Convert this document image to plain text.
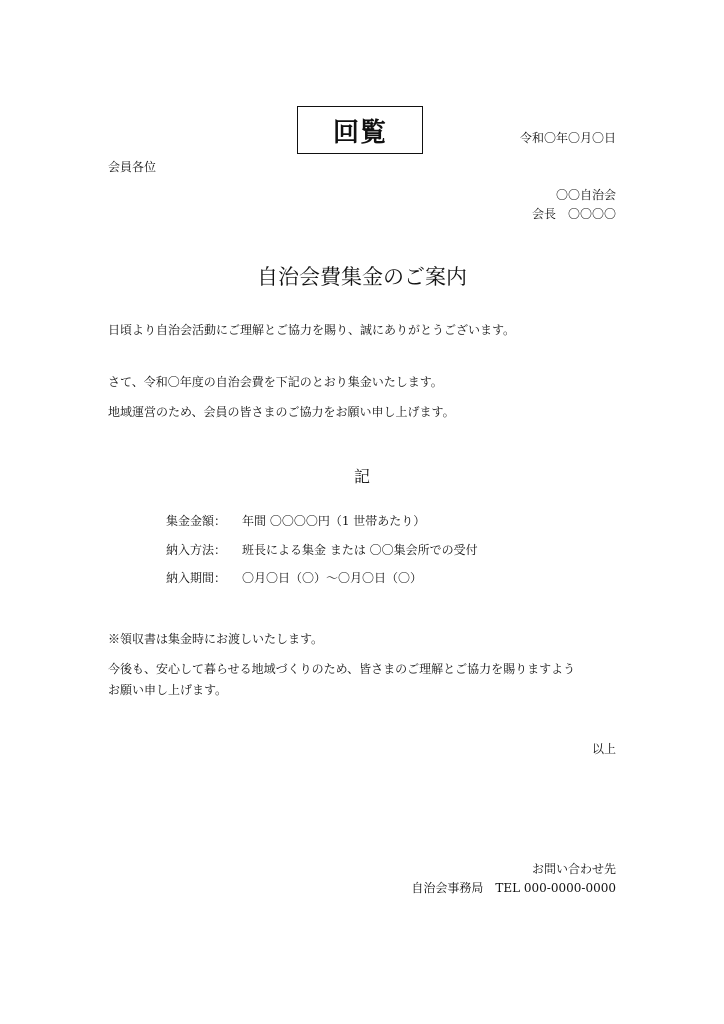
回覧	令和〇年〇月〇日
会員各位
〇〇自治会
会長　〇〇〇〇
自治会費集金のご案内
日頃より自治会活動にご理解とご協力を賜り、誠にありがとうございます。
さて、令和〇年度の自治会費を下記のとおり集金いたします。
地域運営のため、会員の皆さまのご協力をお願い申し上げます。
記
集金金額：	年間 〇〇〇〇円（1 世帯あたり）
納入方法：	班長による集金 または 〇〇集会所での受付
納入期間：	〇月〇日（〇）～〇月〇日（〇）
※領収書は集金時にお渡しいたします。
今後も、安心して暮らせる地域づくりのため、皆さまのご理解とご協力を賜りますよう
お願い申し上げます。
以上
お問い合わせ先
自治会事務局　TEL 000-0000-0000
